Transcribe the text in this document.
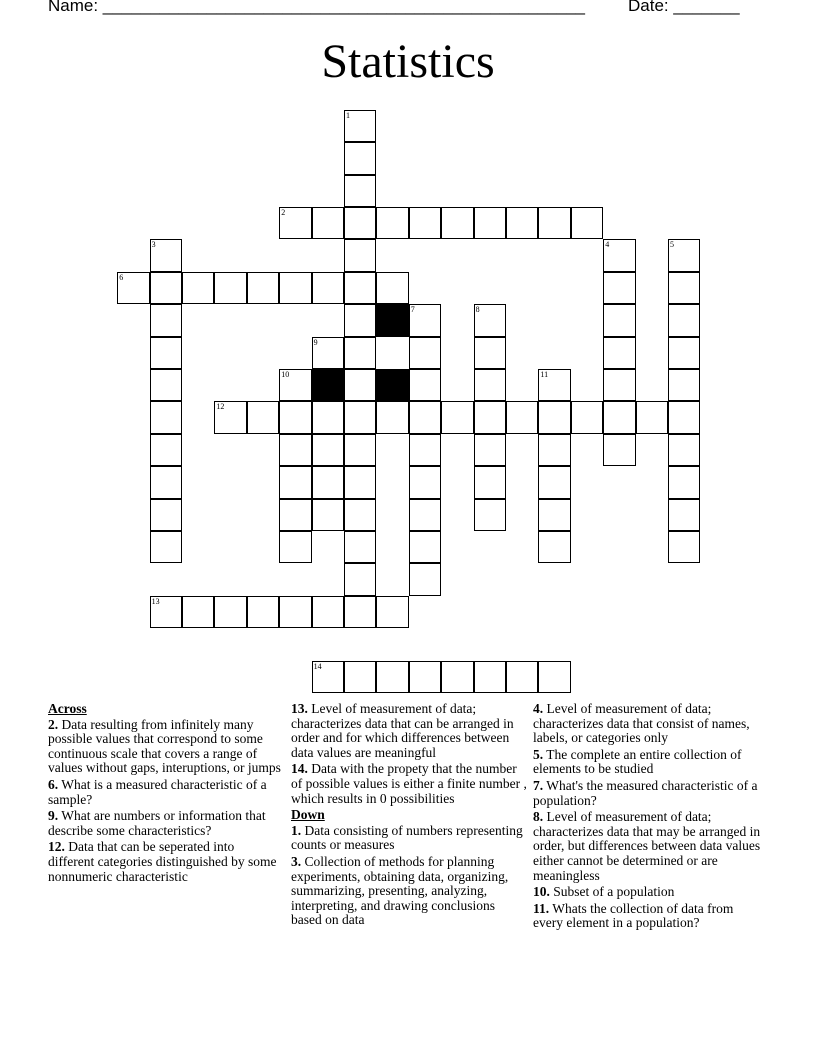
Name: ___________________________________________________	Date: _______
Statistics
2
6
12
13
14
1
3	4	5
7	8
9
11
10
Across
2. Data resulting from infinitely many possible values that correspond to some continuous scale that covers a range of values without gaps, interuptions, or jumps
6. What is a measured characteristic of a sample?
9. What are numbers or information that describe some characteristics?
12. Data that can be seperated into different categories distinguished by some nonnumeric characteristic
13. Level of measurement of data; characterizes data that can be arranged in order and for which differences between data values are meaningful
14. Data with the propety that the number of possible values is either a finite number , which results in 0 possibilities
Down
1. Data consisting of numbers representing counts or measures
3. Collection of methods for planning experiments, obtaining data, organizing, summarizing, presenting, analyzing, interpreting, and drawing conclusions based on data
4. Level of measurement of data; characterizes data that consist of names, labels, or categories only
5. The complete an entire collection of elements to be studied
7. What's the measured characteristic of a population?
8. Level of measurement of data; characterizes data that may be arranged in order, but differences between data values either cannot be determined or are meaningless
10. Subset of a population
11. Whats the collection of data from every element in a population?
